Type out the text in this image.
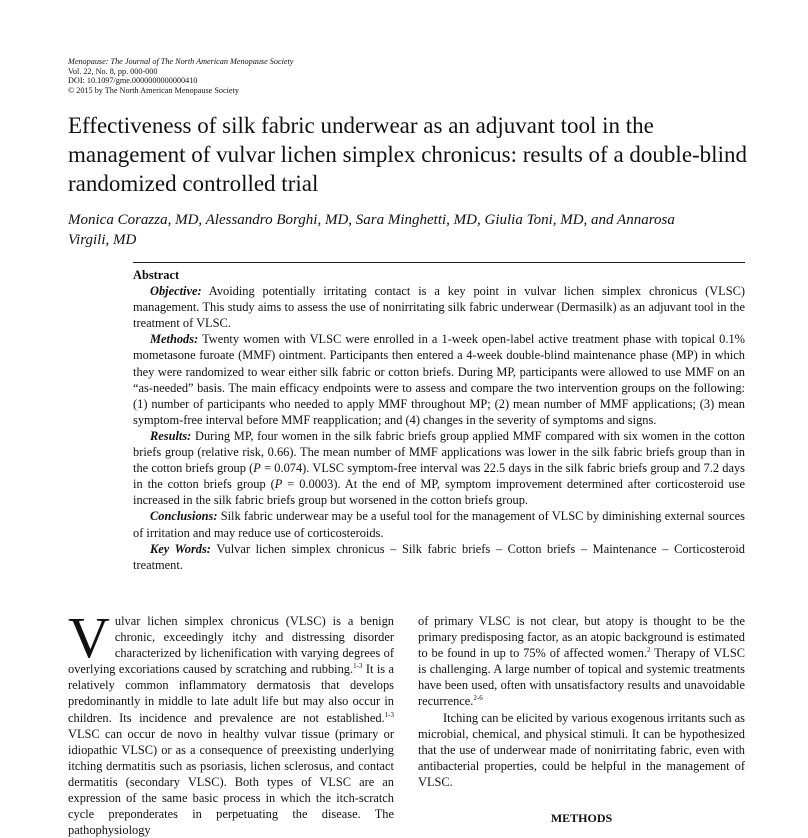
Menopause: The Journal of The North American Menopause Society
Vol. 22, No. 8, pp. 000-000
DOI: 10.1097/gme.0000000000000410
© 2015 by The North American Menopause Society
Effectiveness of silk fabric underwear as an adjuvant tool in the management of vulvar lichen simplex chronicus: results of a double-blind randomized controlled trial
Monica Corazza, MD, Alessandro Borghi, MD, Sara Minghetti, MD, Giulia Toni, MD, and Annarosa Virgili, MD
Abstract

Objective: Avoiding potentially irritating contact is a key point in vulvar lichen simplex chronicus (VLSC) management. This study aims to assess the use of nonirritating silk fabric underwear (Dermasilk) as an adjuvant tool in the treatment of VLSC.

Methods: Twenty women with VLSC were enrolled in a 1-week open-label active treatment phase with topical 0.1% mometasone furoate (MMF) ointment. Participants then entered a 4-week double-blind maintenance phase (MP) in which they were randomized to wear either silk fabric or cotton briefs. During MP, participants were allowed to use MMF on an “as-needed” basis. The main efficacy endpoints were to assess and compare the two intervention groups on the following: (1) number of participants who needed to apply MMF throughout MP; (2) mean number of MMF applications; (3) mean symptom-free interval before MMF reapplication; and (4) changes in the severity of symptoms and signs.

Results: During MP, four women in the silk fabric briefs group applied MMF compared with six women in the cotton briefs group (relative risk, 0.66). The mean number of MMF applications was lower in the silk fabric briefs group than in the cotton briefs group (P = 0.074). VLSC symptom-free interval was 22.5 days in the silk fabric briefs group and 7.2 days in the cotton briefs group (P = 0.0003). At the end of MP, symptom improvement determined after corticosteroid use increased in the silk fabric briefs group but worsened in the cotton briefs group.

Conclusions: Silk fabric underwear may be a useful tool for the management of VLSC by diminishing external sources of irritation and may reduce use of corticosteroids.

Key Words: Vulvar lichen simplex chronicus – Silk fabric briefs – Cotton briefs – Maintenance – Corticosteroid treatment.

Vulvar lichen simplex chronicus (VLSC) is a benign chronic, exceedingly itchy and distressing disorder characterized by lichenification with varying degrees of overlying excoriations caused by scratching and rubbing.$^{1-3}$ It is a relatively common inflammatory dermatosis that develops predominantly in middle to late adult life but may also occur in children. Its incidence and prevalence are not established.$^{1-3}$ VLSC can occur de novo in healthy vulvar tissue (primary or idiopathic VLSC) or as a consequence of preexisting underlying itching dermatitis such as psoriasis, lichen sclerosus, and contact dermatitis (secondary VLSC). Both types of VLSC are an expression of the same basic process in which the itch-scratch cycle preponderates in perpetuating the disease. The pathophysiology

of primary VLSC is not clear, but atopy is thought to be the primary predisposing factor, as an atopic background is estimated to be found in up to 75% of affected women.$^2$ Therapy of VLSC is challenging. A large number of topical and systemic treatments have been used, often with unsatisfactory results and unavoidable recurrence.$^{2-6}$

Itching can be elicited by various exogenous irritants such as microbial, chemical, and physical stimuli. It can be hypothesized that the use of underwear made of nonirritating fabric, even with antibacterial properties, could be helpful in the management of VLSC.

METHODS
